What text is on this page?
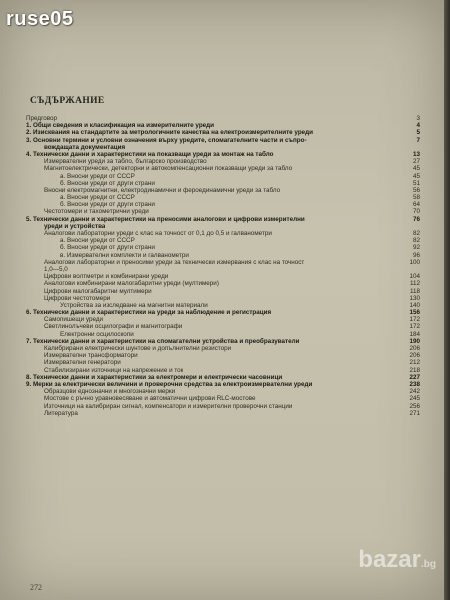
СЪДЪРЖАНИЕ
Предговор	3
1. Общи сведения и класификация на измерителните уреди	4
2. Изисквания на стандартите за метрологичните качества на електроизмерителните уреди	5
3. Основни термини и условни означения върху уредите, спомагателните части и съпро-	7
вождащата документация
4. Технически данни и характеристики на показващи уреди за монтаж на табло	13
Измервателни уреди за табло, българско производство	27
Магнитоелектрически, детекторни и автокомпенсационни показващи уреди за табло	45
а. Вносни уреди от СССР	45
б. Вносни уреди от други страни	51
Вносни електромагнитни, електродинамични и фероединамични уреди за табло	56
а. Вносни уреди от СССР	58
б. Вносни уреди от други страни	64
Честотомери и тахометрични уреди	70
5. Технически данни и характеристики на преносими аналогови и цифрови измерителни	76
уреди и устройства
Аналогови лабораторни уреди с клас на точност от 0,1 до 0,5 и галванометри	82
а. Вносни уреди от СССР	82
б. Вносни уреди от други страни	92
в. Измервателни комплекти и галванометри	96
Аналогови лабораторни и преносими уреди за технически измервания с клас на точност	100
1,0—5,0
Цифрови волтметри и комбинирани уреди	104
Аналогови комбинирани малогабаритни уреди (мултимери)	112
Цифрови малогабаритни мултимери	118
Цифрови честотомери	130
Устройства за изследване на магнитни материали	140
6. Технически данни и характеристики на уреди за наблюдение и регистрация	156
Самопишещи уреди	172
Светлинолъчеви осцилографи и магнитографи	172
Електронни осцилоскопи	184
7. Технически данни и характеристики на спомагателни устройства и преобразуватели	190
Калибрирани електрически шунтове и допълнителни резистори	206
Измервателни трансформатори	206
Измервателни генератори	212
Стабилизирани източници на напрежение и ток	218
8. Технически данни и характеристики за електромери и електрически часовници	227
9. Мерки за електрически величини и проверочни средства за електроизмервателни уреди	238
Образцови еднозначни и многозначни мерки	242
Мостове с ръчно уравновесяване и автоматични цифрови RLC-мостове	245
Източници на калибриран сигнал, компенсатори и измерителни проверочни станции	256
Литература	271
272
ruse05
bazar.bg
